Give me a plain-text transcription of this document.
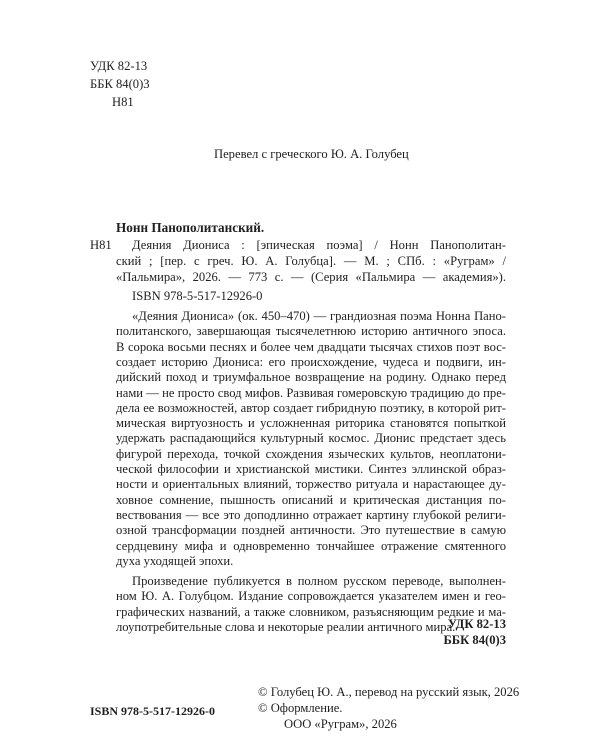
УДК 82-13
ББК 84(0)3
Н81
Перевел с греческого Ю. А. Голубец
Нонн Панополитанский.
Н81 Деяния Диониса : [эпическая поэма] / Нонн Панополитан-
ский ; [пер. с греч. Ю. А. Голубца]. — М. ; СПб. : «Руграм» /
«Пальмира», 2026. — 773 с. — (Серия «Пальмира — академия»).
ISBN 978-5-517-12926-0
«Деяния Диониса» (ок. 450–470) — грандиозная поэма Нонна Пано-
политанского, завершающая тысячелетнюю историю античного эпоса.
В сорока восьми песнях и более чем двадцати тысячах стихов поэт вос-
создает историю Диониса: его происхождение, чудеса и подвиги, ин-
дийский поход и триумфальное возвращение на родину. Однако перед
нами — не просто свод мифов. Развивая гомеровскую традицию до пре-
дела ее возможностей, автор создает гибридную поэтику, в которой рит-
мическая виртуозность и усложненная риторика становятся попыткой
удержать распадающийся культурный космос. Дионис предстает здесь
фигурой перехода, точкой схождения языческих культов, неоплатони-
ческой философии и христианской мистики. Синтез эллинской образ-
ности и ориентальных влияний, торжество ритуала и нарастающее ду-
ховное сомнение, пышность описаний и критическая дистанция по-
вествования — все это доподлинно отражает картину глубокой религи-
озной трансформации поздней античности. Это путешествие в самую
сердцевину мифа и одновременно тончайшее отражение смятенного
духа уходящей эпохи.
Произведение публикуется в полном русском переводе, выполнен-
ном Ю. А. Голубцом. Издание сопровождается указателем имен и гео-
графических названий, а также словником, разъясняющим редкие и ма-
лоупотребительные слова и некоторые реалии античного мира.
УДК 82-13
ББК 84(0)3
ISBN 978-5-517-12926-0
© Голубец Ю. А., перевод на русский язык, 2026
© Оформление.
ООО «Руграм», 2026
